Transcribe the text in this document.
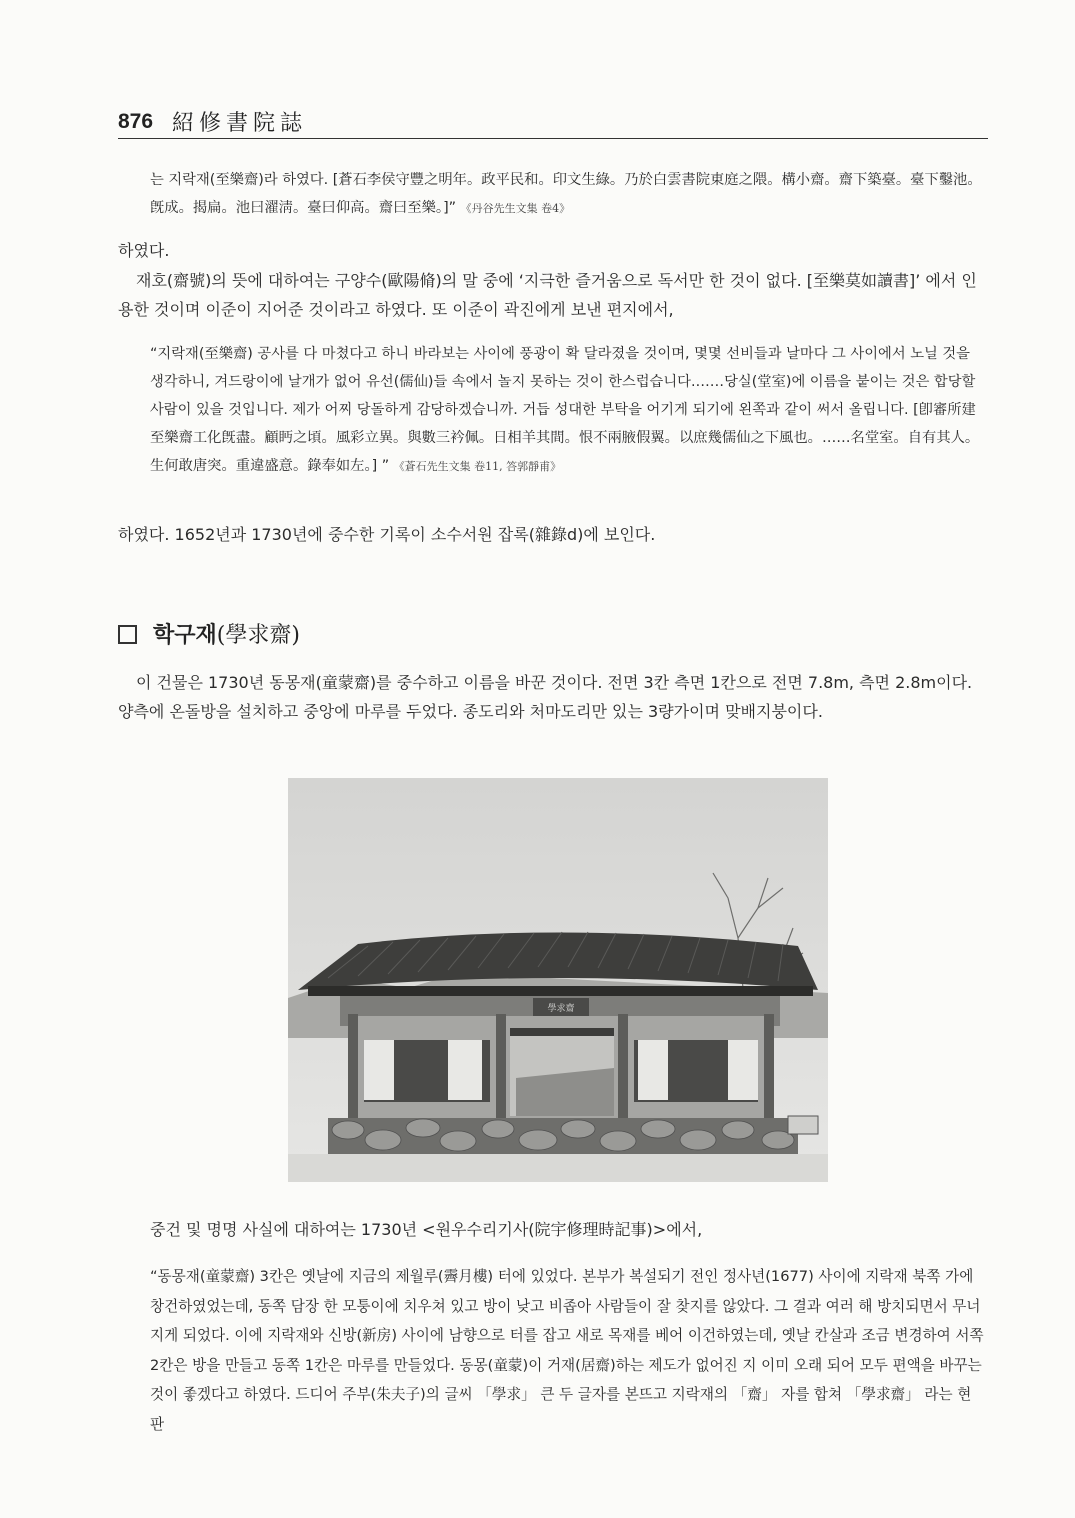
876 紹修書院誌
는 지락재(至樂齋)라 하였다. [蒼石李侯守豐之明年。政平民和。印文生綠。乃於白雲書院東庭之隈。構小齋。齋下築臺。臺下鑿池。旣成。揭扁。池曰濯淸。臺曰仰高。齋曰至樂。]” 《丹谷先生文集 卷4》
하였다.
재호(齋號)의 뜻에 대하여는 구양수(歐陽脩)의 말 중에 ‘지극한 즐거움으로 독서만 한 것이 없다. [至樂莫如讀書]’ 에서 인용한 것이며 이준이 지어준 것이라고 하였다. 또 이준이 곽진에게 보낸 편지에서,
“지락재(至樂齋) 공사를 다 마쳤다고 하니 바라보는 사이에 풍광이 확 달라졌을 것이며, 몇몇 선비들과 날마다 그 사이에서 노닐 것을 생각하니, 겨드랑이에 날개가 없어 유선(儒仙)들 속에서 놀지 못하는 것이 한스럽습니다.……당실(堂室)에 이름을 붙이는 것은 합당할 사람이 있을 것입니다. 제가 어찌 당돌하게 감당하겠습니까. 거듭 성대한 부탁을 어기게 되기에 왼쪽과 같이 써서 올립니다. [卽審所建至樂齋工化旣盡。顧眄之頃。風彩立異。與數三衿佩。日相羊其間。恨不兩腋假翼。以庶幾儒仙之下風也。……名堂室。自有其人。生何敢唐突。重違盛意。錄奉如左。] ” 《蒼石先生文集 卷11, 答郭靜甫》
하였다. 1652년과 1730년에 중수한 기록이 소수서원 잡록(雜錄d)에 보인다.
학구재(學求齋)
이 건물은 1730년 동몽재(童蒙齋)를 중수하고 이름을 바꾼 것이다. 전면 3칸 측면 1칸으로 전면 7.8m, 측면 2.8m이다. 양측에 온돌방을 설치하고 중앙에 마루를 두었다. 종도리와 처마도리만 있는 3량가이며 맞배지붕이다.
學求齋
중건 및 명명 사실에 대하여는 1730년 <원우수리기사(院宇修理時記事)>에서,
“동몽재(童蒙齋) 3칸은 옛날에 지금의 제월루(霽月樓) 터에 있었다. 본부가 복설되기 전인 정사년(1677) 사이에 지락재 북쪽 가에 창건하였었는데, 동쪽 담장 한 모퉁이에 치우쳐 있고 방이 낮고 비좁아 사람들이 잘 찾지를 않았다. 그 결과 여러 해 방치되면서 무너지게 되었다. 이에 지락재와 신방(新房) 사이에 남향으로 터를 잡고 새로 목재를 베어 이건하였는데, 옛날 칸살과 조금 변경하여 서쪽 2칸은 방을 만들고 동쪽 1칸은 마루를 만들었다. 동몽(童蒙)이 거재(居齋)하는 제도가 없어진 지 이미 오래 되어 모두 편액을 바꾸는 것이 좋겠다고 하였다. 드디어 주부(朱夫子)의 글씨 「學求」 큰 두 글자를 본뜨고 지락재의 「齋」 자를 합쳐 「學求齋」 라는 현판
